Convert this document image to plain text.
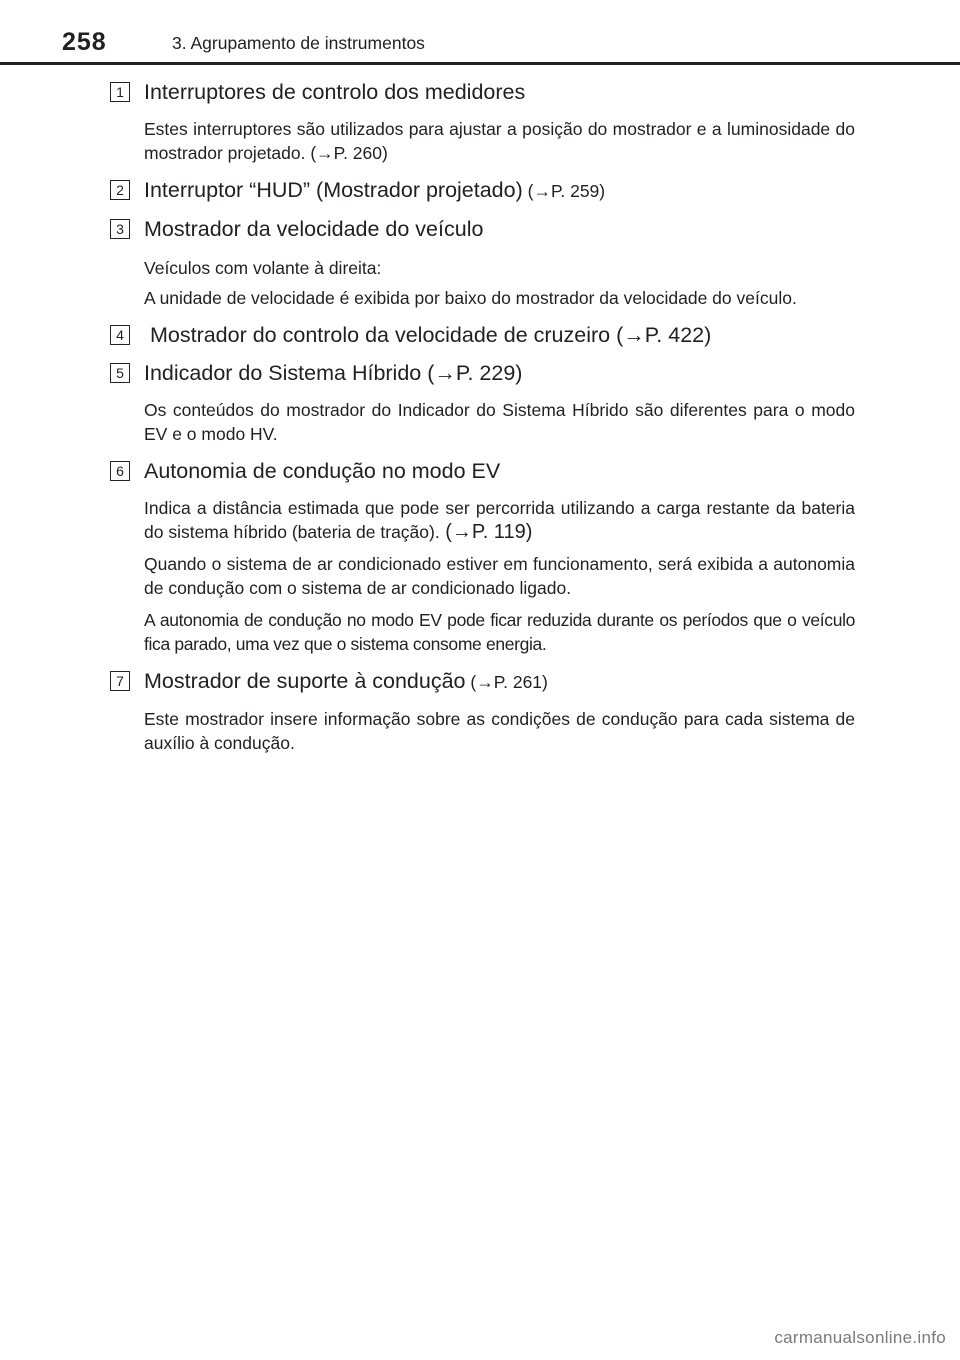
258	3. Agrupamento de instrumentos
1 Interruptores de controlo dos medidores

Estes interruptores são utilizados para ajustar a posição do mostrador e a luminosidade do mostrador projetado. (→P. 260)

2 Interruptor “HUD” (Mostrador projetado) (→P. 259)

3 Mostrador da velocidade do veículo

Veículos com volante à direita:

A unidade de velocidade é exibida por baixo do mostrador da velocidade do veículo.

4 Mostrador do controlo da velocidade de cruzeiro (→P. 422)

5 Indicador do Sistema Híbrido (→P. 229)

Os conteúdos do mostrador do Indicador do Sistema Híbrido são diferentes para o modo EV e o modo HV.

6 Autonomia de condução no modo EV

Indica a distância estimada que pode ser percorrida utilizando a carga restante da bateria do sistema híbrido (bateria de tração). (→P. 119)

Quando o sistema de ar condicionado estiver em funcionamento, será exibida a autonomia de condução com o sistema de ar condicionado ligado.

A autonomia de condução no modo EV pode ficar reduzida durante os períodos que o veículo fica parado, uma vez que o sistema consome energia.

7 Mostrador de suporte à condução (→P. 261)

Este mostrador insere informação sobre as condições de condução para cada sistema de auxílio à condução.

carmanualsonline.info
